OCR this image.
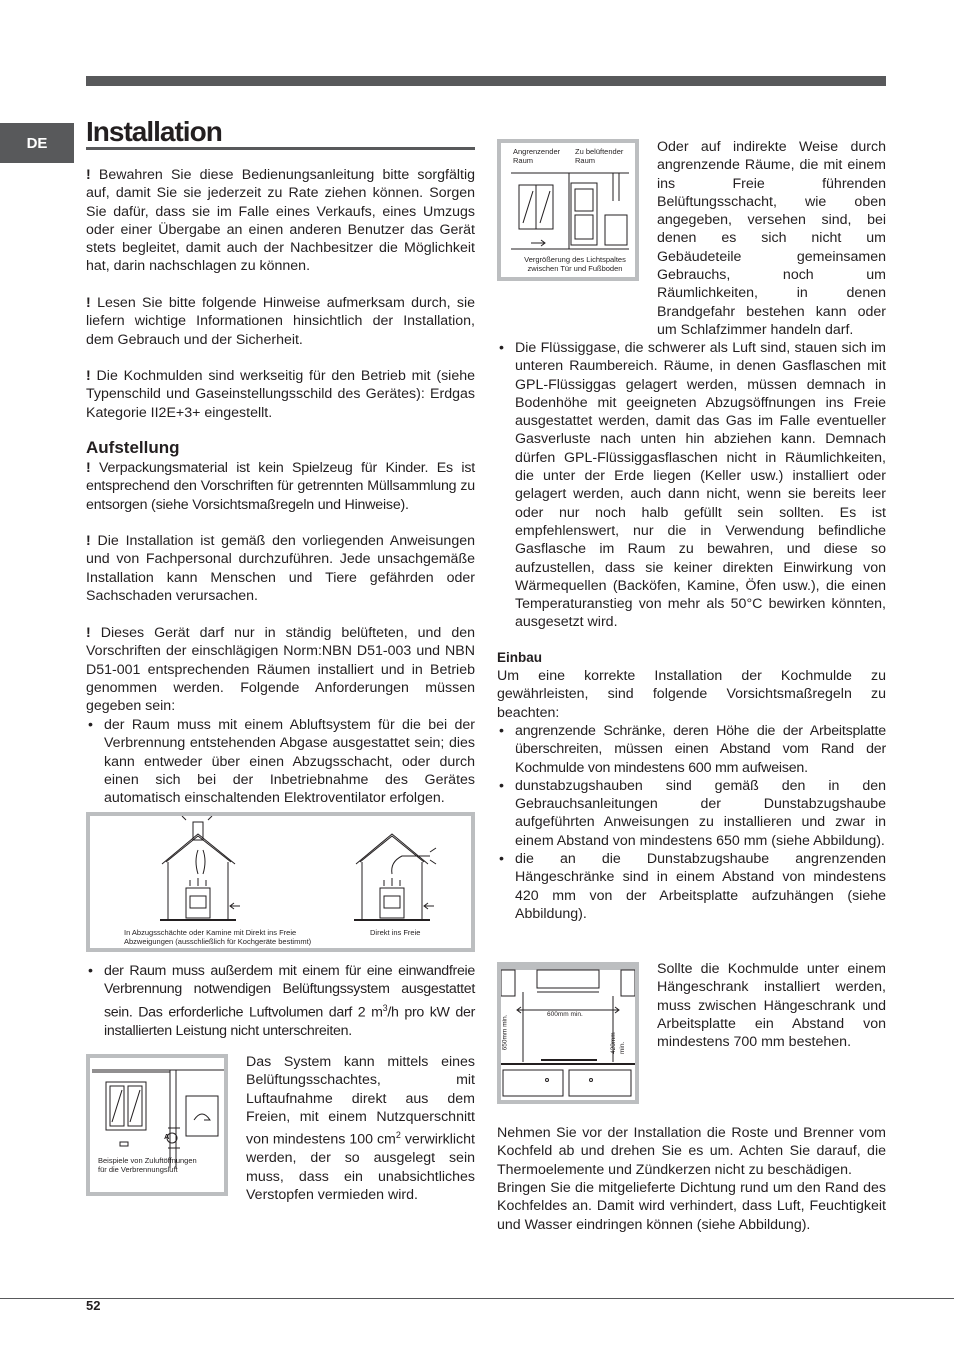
DE	Installation

! Bewahren Sie diese Bedienungsanleitung bitte sorgfältig auf, damit Sie sie jederzeit zu Rate ziehen können. Sorgen Sie dafür, dass sie im Falle eines Verkaufs, eines Umzugs oder einer Übergabe an einen anderen Benutzer das Gerät stets begleitet, damit auch der Nachbesitzer die Möglichkeit hat, darin nachschlagen zu können.

! Lesen Sie bitte folgende Hinweise aufmerksam durch, sie liefern wichtige Informationen hinsichtlich der Installation, dem Gebrauch und der Sicherheit.

! Die Kochmulden sind werkseitig für den Betrieb mit (siehe Typenschild und Gaseinstellungsschild des Gerätes): Erdgas Kategorie II2E+3+ eingestellt.

Aufstellung

! Verpackungsmaterial ist kein Spielzeug für Kinder. Es ist entsprechend den Vorschriften für getrennten Müllsammlung zu entsorgen (siehe Vorsichtsmaßregeln und Hinweise).

! Die Installation ist gemäß den vorliegenden Anweisungen und von Fachpersonal durchzuführen. Jede unsachgemäße Installation kann Menschen und Tiere gefährden oder Sachschaden verursachen.

! Dieses Gerät darf nur in ständig belüfteten, und den Vorschriften der einschlägigen Norm:NBN D51-003 und NBN D51-001 entsprechenden Räumen installiert und in Betrieb genommen werden. Folgende Anforderungen müssen gegeben sein:

• der Raum muss mit einem Abluftsystem für die bei der Verbrennung entstehenden Abgase ausgestattet sein; dies kann entweder über einen Abzugsschacht, oder durch einen sich bei der Inbetriebnahme des Gerätes automatisch einschaltenden Elektroventilator erfolgen.
In Abzugsschächte oder Kamine mit Direkt ins Freie Abzweigungen (ausschließlich für Kochgeräte bestimmt)
Direkt ins Freie
• der Raum muss außerdem mit einem für eine einwandfreie Verbrennung notwendigen Belüftungssystem ausgestattet sein. Das erforderliche Luftvolumen darf 2 $m^3/h$ pro kW der installierten Leistung nicht unterschreiten.
A
Beispiele von Zuluftöffnungen für die Verbrennungsluft

Das System kann mittels eines Belüftungsschachtes, mit Luftaufnahme direkt aus dem Freien, mit einem Nutzquerschnitt von mindestens 100 $cm^2$ verwirklicht werden, der so ausgelegt sein muss, dass ein unabsichtliches Verstopfen vermieden wird.

Angrenzender Raum
Zu belüftender Raum
Vergrößerung des Lichtspaltes zwischen Tür und Fußboden

Oder auf indirekte Weise durch angrenzende Räume, die mit einem ins Freie führenden Belüftungsschacht, wie oben angegeben, versehen sind, bei denen es sich nicht um Gebäudeteile gemeinsamen Gebrauchs, noch um Räumlichkeiten, in denen Brandgefahr bestehen kann oder um Schlafzimmer handeln darf.

• Die Flüssiggase, die schwerer als Luft sind, stauen sich im unteren Raumbereich. Räume, in denen Gasflaschen mit GPL-Flüssiggas gelagert werden, müssen demnach in Bodenhöhe mit geeigneten Abzugsöffnungen ins Freie ausgestattet werden, damit das Gas im Falle eventueller Gasverluste nach unten hin abziehen kann. Demnach dürfen GPL-Flüssiggasflaschen nicht in Räumlichkeiten, die unter der Erde liegen (Keller usw.) installiert oder gelagert werden, auch dann nicht, wenn sie bereits leer oder nur noch halb gefüllt sein sollten. Es ist empfehlenswert, nur die in Verwendung befindliche Gasflasche im Raum zu bewahren, und diese so aufzustellen, dass sie keiner direkten Einwirkung von Wärmequellen (Backöfen, Kamine, Öfen usw.), die einen Temperaturanstieg von mehr als 50°C bewirken könnten, ausgesetzt wird.

Einbau

Um eine korrekte Installation der Kochmulde zu gewährleisten, sind folgende Vorsichtsmaßregeln zu beachten:

• angrenzende Schränke, deren Höhe die der Arbeitsplatte überschreiten, müssen einen Abstand vom Rand der Kochmulde von mindestens 600 mm aufweisen.
• dunstabzugshauben sind gemäß den in den Gebrauchsanleitungen der Dunstabzugshaube aufgeführten Anweisungen zu installieren und zwar in einem Abstand von mindestens 650 mm (siehe Abbildung).
• die an die Dunstabzugshaube angrenzenden Hängeschränke sind in einem Abstand von mindestens 420 mm von der Arbeitsplatte aufzuhängen (siehe Abbildung).
600mm min.
650mm min.	420mm min.

Sollte die Kochmulde unter einem Hängeschrank installiert werden, muss zwischen Hängeschrank und Arbeitsplatte ein Abstand von mindestens 700 mm bestehen.

Nehmen Sie vor der Installation die Roste und Brenner vom Kochfeld ab und drehen Sie es um. Achten Sie darauf, die Thermoelemente und Zündkerzen nicht zu beschädigen.

Bringen Sie die mitgelieferte Dichtung rund um den Rand des Kochfeldes an. Damit wird verhindert, dass Luft, Feuchtigkeit und Wasser eindringen können (siehe Abbildung).

52
